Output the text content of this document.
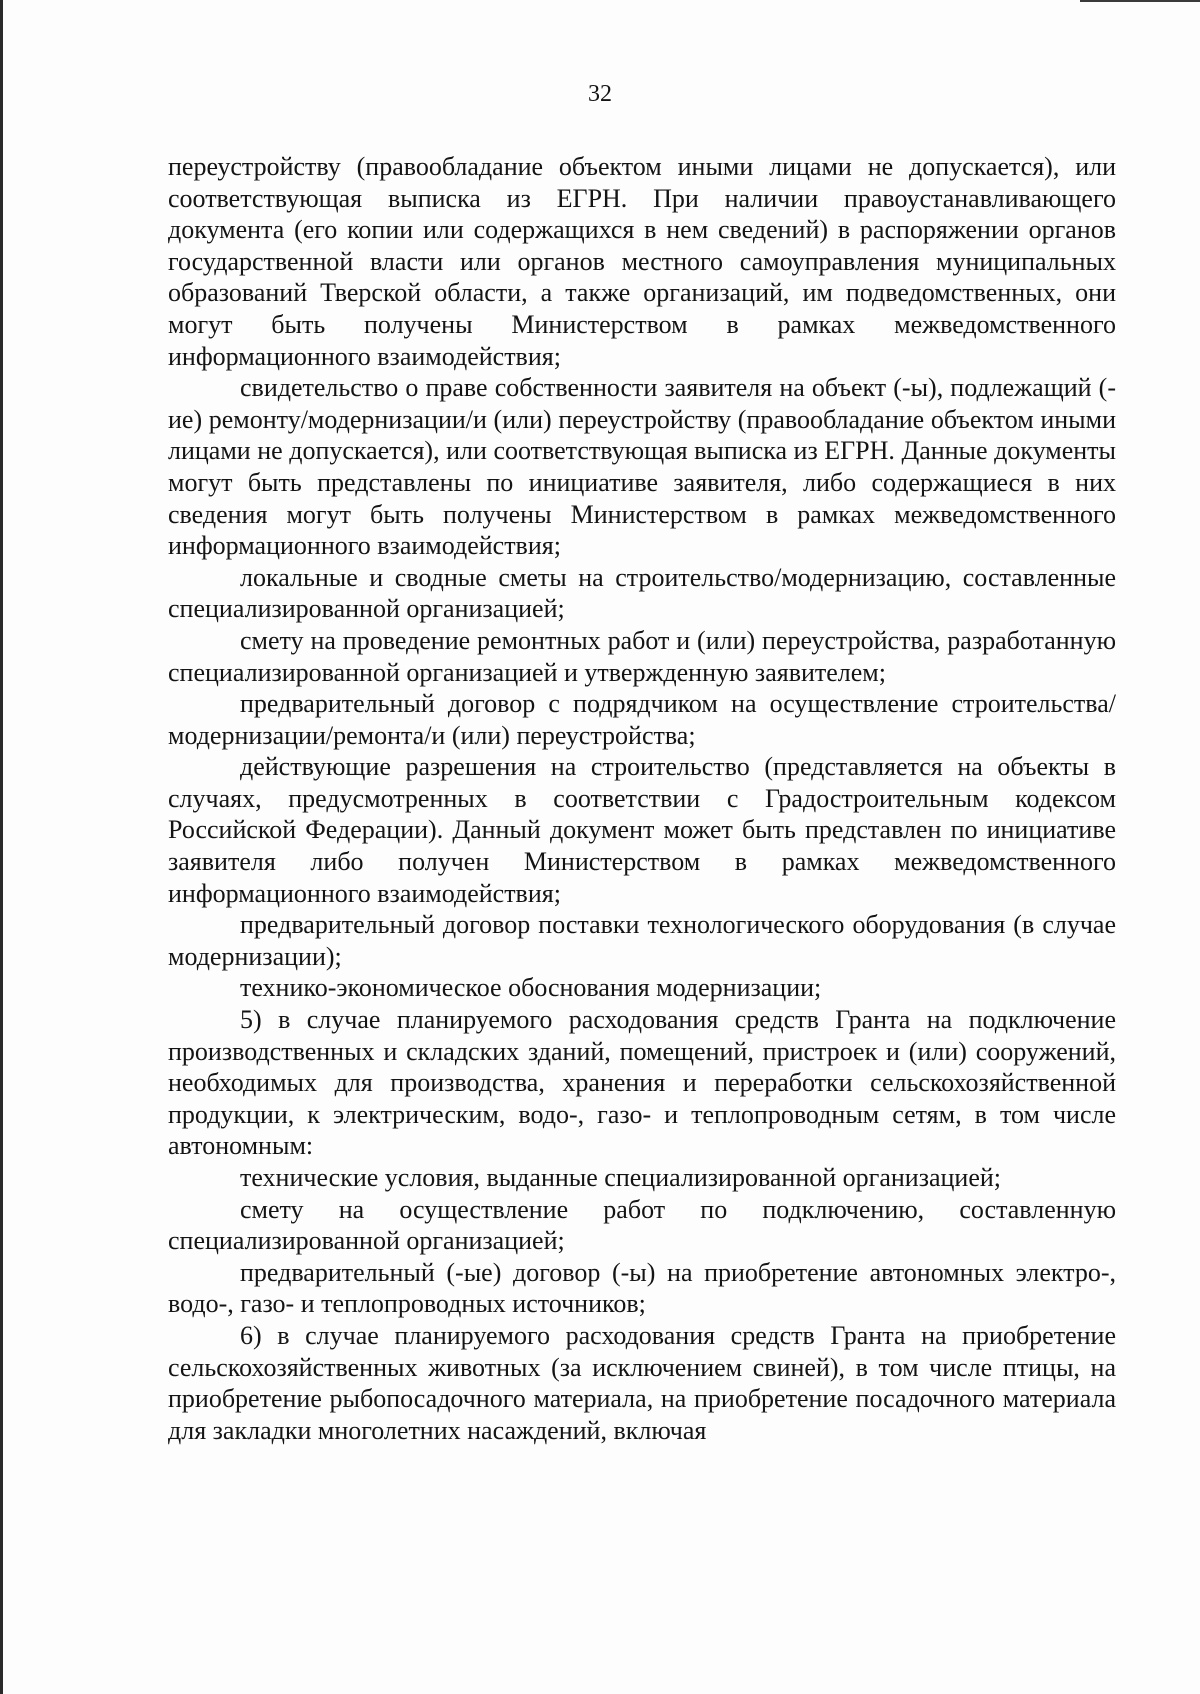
32

переустройству (правообладание объектом иными лицами не допускается), или соответствующая выписка из ЕГРН. При наличии правоустанавливающего документа (его копии или содержащихся в нем сведений) в распоряжении органов государственной власти или органов местного самоуправления муниципальных образований Тверской области, а также организаций, им подведомственных, они могут быть получены Министерством в рамках межведомственного информационного взаимодействия;

свидетельство о праве собственности заявителя на объект (-ы), подлежащий (-ие) ремонту/модернизации/и (или) переустройству (правообладание объектом иными лицами не допускается), или соответствующая выписка из ЕГРН. Данные документы могут быть представлены по инициативе заявителя, либо содержащиеся в них сведения могут быть получены Министерством в рамках межведомственного информационного взаимодействия;

локальные и сводные сметы на строительство/модернизацию, составленные специализированной организацией;

смету на проведение ремонтных работ и (или) переустройства, разработанную специализированной организацией и утвержденную заявителем;

предварительный договор с подрядчиком на осуществление строительства/модернизации/ремонта/и (или) переустройства;

действующие разрешения на строительство (представляется на объекты в случаях, предусмотренных в соответствии с Градостроительным кодексом Российской Федерации). Данный документ может быть представлен по инициативе заявителя либо получен Министерством в рамках межведомственного информационного взаимодействия;

предварительный договор поставки технологического оборудования (в случае модернизации);

технико-экономическое обоснования модернизации;

5) в случае планируемого расходования средств Гранта на подключение производственных и складских зданий, помещений, пристроек и (или) сооружений, необходимых для производства, хранения и переработки сельскохозяйственной продукции, к электрическим, водо-, газо- и теплопроводным сетям, в том числе автономным:

технические условия, выданные специализированной организацией;

смету на осуществление работ по подключению, составленную специализированной организацией;

предварительный (-ые) договор (-ы) на приобретение автономных электро-, водо-, газо- и теплопроводных источников;

6) в случае планируемого расходования средств Гранта на приобретение сельскохозяйственных животных (за исключением свиней), в том числе птицы, на приобретение рыбопосадочного материала, на приобретение посадочного материала для закладки многолетних насаждений, включая
